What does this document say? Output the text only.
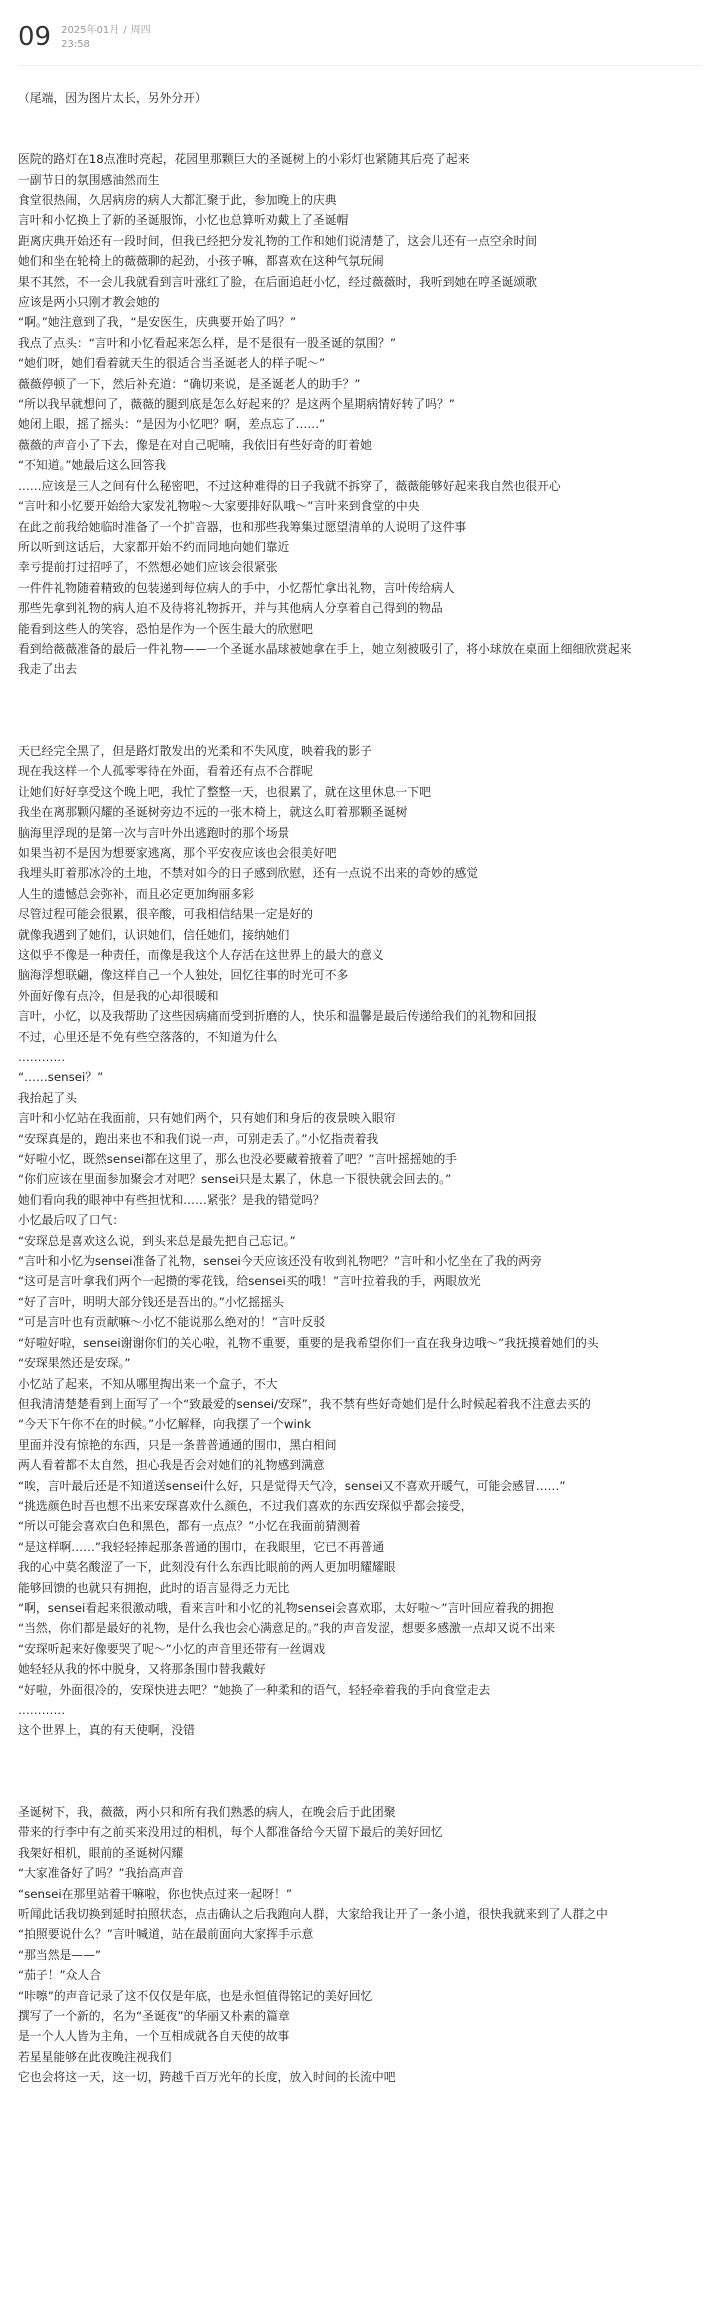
09 2025年01月 / 周四
23:58
（尾端，因为图片太长，另外分开）
医院的路灯在18点准时亮起，花园里那颗巨大的圣诞树上的小彩灯也紧随其后亮了起来
一副节日的氛围感油然而生
食堂很热闹，久居病房的病人大都汇聚于此，参加晚上的庆典
言叶和小忆换上了新的圣诞服饰，小忆也总算听劝戴上了圣诞帽
距离庆典开始还有一段时间，但我已经把分发礼物的工作和她们说清楚了，这会儿还有一点空余时间
她们和坐在轮椅上的薇薇聊的起劲，小孩子嘛，都喜欢在这种气氛玩闹
果不其然，不一会儿我就看到言叶涨红了脸，在后面追赶小忆，经过薇薇时，我听到她在哼圣诞颂歌
应该是两小只刚才教会她的
“啊。”她注意到了我，“是安医生，庆典要开始了吗？”
我点了点头：“言叶和小忆看起来怎么样，是不是很有一股圣诞的氛围？”
“她们呀，她们看着就天生的很适合当圣诞老人的样子呢～”
薇薇停顿了一下，然后补充道：“确切来说，是圣诞老人的助手？”
“所以我早就想问了，薇薇的腿到底是怎么好起来的？是这两个星期病情好转了吗？”
她闭上眼，摇了摇头：“是因为小忆吧？啊，差点忘了……”
薇薇的声音小了下去，像是在对自己呢喃，我依旧有些好奇的盯着她
“不知道。”她最后这么回答我
……应该是三人之间有什么秘密吧，不过这种难得的日子我就不拆穿了，薇薇能够好起来我自然也很开心
“言叶和小忆要开始给大家发礼物啦～大家要排好队哦～”言叶来到食堂的中央
在此之前我给她临时准备了一个扩音器，也和那些我筹集过愿望清单的人说明了这件事
所以听到这话后，大家都开始不约而同地向她们靠近
幸亏提前打过招呼了，不然想必她们应该会很紧张
一件件礼物随着精致的包装递到每位病人的手中，小忆帮忙拿出礼物，言叶传给病人
那些先拿到礼物的病人迫不及待将礼物拆开，并与其他病人分享着自己得到的物品
能看到这些人的笑容，恐怕是作为一个医生最大的欣慰吧
看到给薇薇准备的最后一件礼物——一个圣诞水晶球被她拿在手上，她立刻被吸引了，将小球放在桌面上细细欣赏起来
我走了出去
天已经完全黑了，但是路灯散发出的光柔和不失风度，映着我的影子
现在我这样一个人孤零零待在外面，看着还有点不合群呢
让她们好好享受这个晚上吧，我忙了整整一天，也很累了，就在这里休息一下吧
我坐在离那颗闪耀的圣诞树旁边不远的一张木椅上，就这么盯着那颗圣诞树
脑海里浮现的是第一次与言叶外出逃跑时的那个场景
如果当初不是因为想要家逃离，那个平安夜应该也会很美好吧
我埋头盯着那冰冷的土地，不禁对如今的日子感到欣慰，还有一点说不出来的奇妙的感觉
人生的遗憾总会弥补，而且必定更加绚丽多彩
尽管过程可能会很累，很辛酸，可我相信结果一定是好的
就像我遇到了她们，认识她们，信任她们，接纳她们
这似乎不像是一种责任，而像是我这个人存活在这世界上的最大的意义
脑海浮想联翩，像这样自己一个人独处，回忆往事的时光可不多
外面好像有点冷，但是我的心却很暖和
言叶，小忆，以及我帮助了这些因病痛而受到折磨的人，快乐和温馨是最后传递给我们的礼物和回报
不过，心里还是不免有些空落落的，不知道为什么
…………
“……sensei？”
我抬起了头
言叶和小忆站在我面前，只有她们两个，只有她们和身后的夜景映入眼帘
“安琛真是的，跑出来也不和我们说一声，可别走丢了。”小忆指责着我
“好啦小忆，既然sensei都在这里了，那么也没必要藏着掖着了吧？”言叶摇摇她的手
“你们应该在里面参加聚会才对吧？sensei只是太累了，休息一下很快就会回去的。”
她们看向我的眼神中有些担忧和……紧张？是我的错觉吗？
小忆最后叹了口气：
“安琛总是喜欢这么说，到头来总是最先把自己忘记。”
“言叶和小忆为sensei准备了礼物，sensei今天应该还没有收到礼物吧？”言叶和小忆坐在了我的两旁
“这可是言叶拿我们两个一起攒的零花钱，给sensei买的哦！”言叶拉着我的手，两眼放光
“好了言叶，明明大部分钱还是吾出的。”小忆摇摇头
“可是言叶也有贡献嘛～小忆不能说那么绝对的！”言叶反驳
“好啦好啦，sensei谢谢你们的关心啦，礼物不重要，重要的是我希望你们一直在我身边哦～”我抚摸着她们的头
“安琛果然还是安琛。”
小忆站了起来，不知从哪里掏出来一个盒子，不大
但我清清楚楚看到上面写了一个“致最爱的sensei/安琛”，我不禁有些好奇她们是什么时候起着我不注意去买的
“今天下午你不在的时候。”小忆解释，向我摆了一个wink
里面并没有惊艳的东西，只是一条普普通通的围巾，黑白相间
两人看着都不太自然，担心我是否会对她们的礼物感到满意
“唉，言叶最后还是不知道送sensei什么好，只是觉得天气冷，sensei又不喜欢开暖气，可能会感冒……”
“挑选颜色时吾也想不出来安琛喜欢什么颜色，不过我们喜欢的东西安琛似乎都会接受，
“所以可能会喜欢白色和黑色，都有一点点？”小忆在我面前猜测着
“是这样啊……”我轻轻捧起那条普通的围巾，在我眼里，它已不再普通
我的心中莫名酸涩了一下，此刻没有什么东西比眼前的两人更加明耀耀眼
能够回馈的也就只有拥抱，此时的语言显得乏力无比
“啊，sensei看起来很激动哦，看来言叶和小忆的礼物sensei会喜欢耶，太好啦～”言叶回应着我的拥抱
“当然，你们都是最好的礼物，是什么我也会心满意足的。”我的声音发涩，想要多感激一点却又说不出来
“安琛听起来好像要哭了呢～”小忆的声音里还带有一丝调戏
她轻轻从我的怀中脱身，又将那条围巾替我戴好
“好啦，外面很冷的，安琛快进去吧？”她换了一种柔和的语气，轻轻牵着我的手向食堂走去
…………
这个世界上，真的有天使啊，没错
圣诞树下，我，薇薇，两小只和所有我们熟悉的病人，在晚会后于此团聚
带来的行李中有之前买来没用过的相机，每个人都准备给今天留下最后的美好回忆
我架好相机，眼前的圣诞树闪耀
“大家准备好了吗？”我抬高声音
“sensei在那里站着干嘛啦，你也快点过来一起呀！”
听闻此话我切换到延时拍照状态，点击确认之后我跑向人群，大家给我让开了一条小道，很快我就来到了人群之中
“拍照要说什么？”言叶喊道，站在最前面向大家挥手示意
“那当然是——”
“茄子！”众人合
“咔嚓”的声音记录了这不仅仅是年底，也是永恒值得铭记的美好回忆
撰写了一个新的，名为“圣诞夜”的华丽又朴素的篇章
是一个人人皆为主角，一个互相成就各自天使的故事
若星星能够在此夜晚注视我们
它也会将这一天，这一切，跨越千百万光年的长度，放入时间的长流中吧
